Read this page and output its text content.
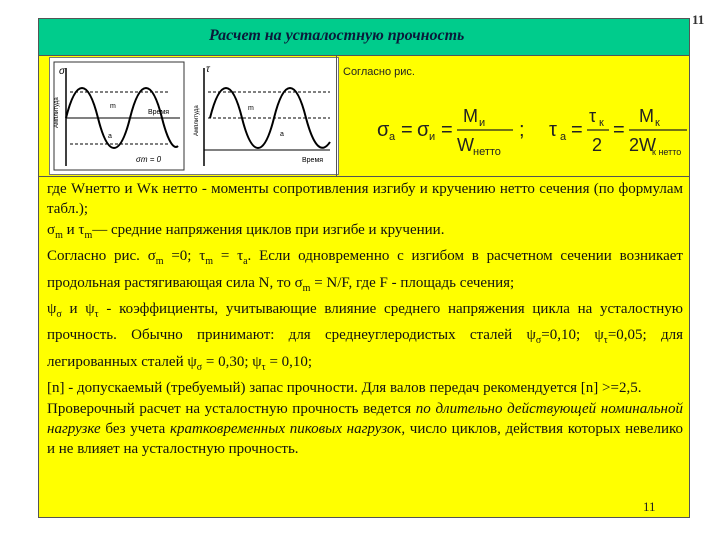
11
Расчет на усталостную прочность
σ
Время
Амплитуда	m
a
σm = 0
τ
Время
Амплитуда	m
a
Согласно рис.
σ а = σ и =
M и
W нетто
; τ а =
τ к
2
=
M к
2W
к нетто

где Wнетто и Wк нетто - моменты сопротивления изгибу и кручению нетто сечения (по формулам табл.);

$\sigma_m$ и $\tau_m—$ средние напряжения циклов при изгибе и кручении.

Согласно рис. $\sigma_m =0$; $\tau_m = \tau_a$. Если одновременно с изгибом в расчетном сечении возникает продольная растягивающая сила N, то $\sigma_m = N/F$, где F - площадь сечения;

$\psi_\sigma$ и $\psi_\tau$ - коэффициенты, учитывающие влияние среднего напряжения цикла на усталостную прочность. Обычно принимают: для среднеуглеродистых сталей $\psi_\sigma=0,10$; $\psi_\tau=0,05$; для легированных сталей $\psi_\sigma = 0,30$; $\psi_\tau = 0,10$;

[n] - допускаемый (требуемый) запас прочности. Для валов передач рекомендуется [n] >=2,5.

Проверочный расчет на усталостную прочность ведется по длительно действующей номинальной нагрузке без учета кратковременных пиковых нагрузок, число циклов, действия которых невелико и не влияет на усталостную прочность.

11
